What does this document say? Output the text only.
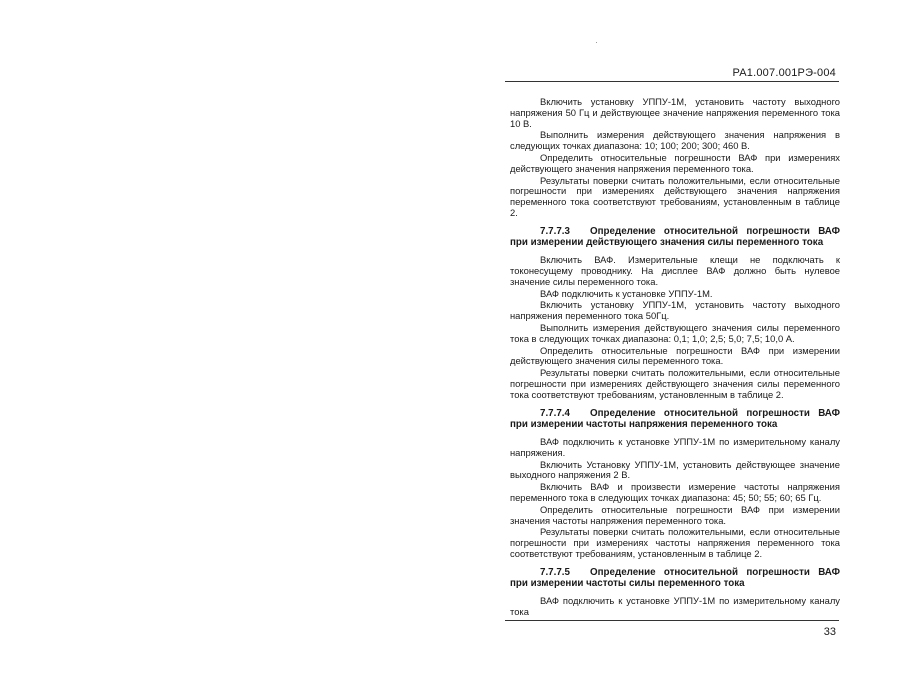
РА1.007.001РЭ-004

Включить установку УППУ-1М, установить частоту выходного напряжения 50 Гц и действующее значение напряжения переменного тока 10 В.

Выполнить измерения действующего значения напряжения в следующих точках диапазона: 10; 100; 200; 300; 460 В.

Определить относительные погрешности ВАФ при измерениях действующего значения напряжения переменного тока.

Результаты поверки считать положительными, если относительные погрешности при измерениях действующего значения напряжения переменного тока соответствуют требованиям, установленным в таблице 2.

7.7.7.3 Определение относительной погрешности ВАФ при измерении действующего значения силы переменного тока

Включить ВАФ. Измерительные клещи не подключать к токонесущему проводнику. На дисплее ВАФ должно быть нулевое значение силы переменного тока.

ВАФ подключить к установке УППУ-1М.

Включить установку УППУ-1М, установить частоту выходного напряжения переменного тока 50Гц.

Выполнить измерения действующего значения силы переменного тока в следующих точках диапазона: 0,1; 1,0; 2,5; 5,0; 7,5; 10,0 А.

Определить относительные погрешности ВАФ при измерении действующего значения силы переменного тока.

Результаты поверки считать положительными, если относительные погрешности при измерениях действующего значения силы переменного тока соответствуют требованиям, установленным в таблице 2.

7.7.7.4 Определение относительной погрешности ВАФ при измерении частоты напряжения переменного тока

ВАФ подключить к установке УППУ-1М по измерительному каналу напряжения.

Включить Установку УППУ-1М, установить действующее значение выходного напряжения 2 В.

Включить ВАФ и произвести измерение частоты напряжения переменного тока в следующих точках диапазона: 45; 50; 55; 60; 65 Гц.

Определить относительные погрешности ВАФ при измерении значения частоты напряжения переменного тока.

Результаты поверки считать положительными, если относительные погрешности при измерениях частоты напряжения переменного тока соответствуют требованиям, установленным в таблице 2.

7.7.7.5 Определение относительной погрешности ВАФ при измерении частоты силы переменного тока

ВАФ подключить к установке УППУ-1М по измерительному каналу тока

33
